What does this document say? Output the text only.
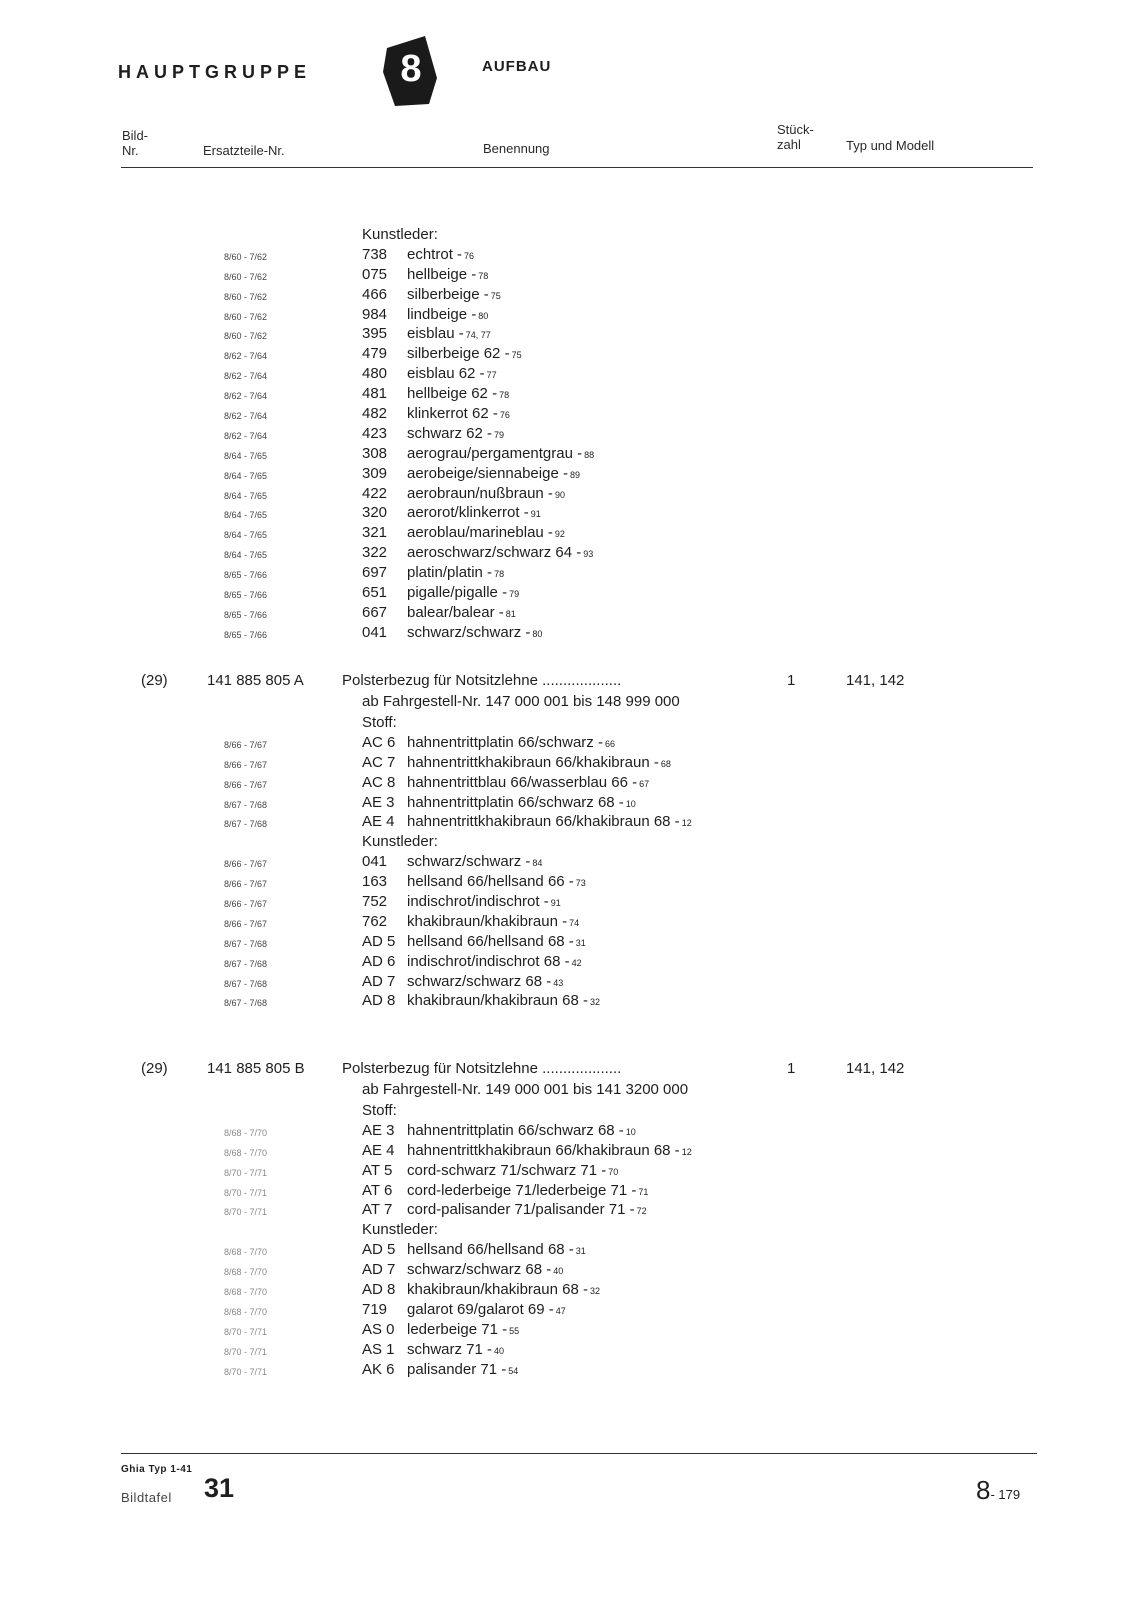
HAUPTGRUPPE 8	AUFBAU
Bild-
Nr.	Ersatzteile-Nr.	Benennung
Stück-
zahl	Typ und Modell
Kunstleder:
8/60 - 7/62	738 echtrot - 76
8/60 - 7/62	075 hellbeige - 78
8/60 - 7/62	466 silberbeige - 75
8/60 - 7/62	984 lindbeige - 80
8/60 - 7/62	395 eisblau - 74, 77
8/62 - 7/64	479 silberbeige 62 - 75
8/62 - 7/64	480 eisblau 62 - 77
8/62 - 7/64	481 hellbeige 62 - 78
8/62 - 7/64	482 klinkerrot 62 - 76
8/62 - 7/64	423 schwarz 62 - 79
8/64 - 7/65	308 aerograu/pergamentgrau - 88
8/64 - 7/65	309 aerobeige/siennabeige - 89
8/64 - 7/65	422 aerobraun/nußbraun - 90
8/64 - 7/65	320 aerorot/klinkerrot - 91
8/64 - 7/65	321 aeroblau/marineblau - 92
8/64 - 7/65	322 aeroschwarz/schwarz 64 - 93
8/65 - 7/66	697 platin/platin - 78
8/65 - 7/66	651 pigalle/pigalle - 79
8/65 - 7/66	667 balear/balear - 81
8/65 - 7/66	041 schwarz/schwarz - 80
(29)	141 885 805 A	Polsterbezug für Notsitzlehne ...................	1	141, 142
ab Fahrgestell-Nr. 147 000 001 bis 148 999 000
Stoff:
8/66 - 7/67	AC 6 hahnentrittplatin 66/schwarz - 66
8/66 - 7/67	AC 7 hahnentrittkhakibraun 66/khakibraun - 68
8/66 - 7/67	AC 8 hahnentrittblau 66/wasserblau 66 - 67
8/67 - 7/68	AE 3 hahnentrittplatin 66/schwarz 68 - 10
8/67 - 7/68	AE 4 hahnentrittkhakibraun 66/khakibraun 68 - 12
Kunstleder:
8/66 - 7/67	041 schwarz/schwarz - 84
8/66 - 7/67	163 hellsand 66/hellsand 66 - 73
8/66 - 7/67	752 indischrot/indischrot - 91
8/66 - 7/67	762 khakibraun/khakibraun - 74
8/67 - 7/68	AD 5 hellsand 66/hellsand 68 - 31
8/67 - 7/68	AD 6 indischrot/indischrot 68 - 42
8/67 - 7/68	AD 7 schwarz/schwarz 68 - 43
8/67 - 7/68	AD 8 khakibraun/khakibraun 68 - 32
(29)	141 885 805 B Polsterbezug für Notsitzlehne ...................	1	141, 142
ab Fahrgestell-Nr. 149 000 001 bis 141 3200 000
Stoff:
8/68 - 7/70	AE 3 hahnentrittplatin 66/schwarz 68 - 10
8/68 - 7/70	AE 4 hahnentrittkhakibraun 66/khakibraun 68 - 12
8/70 - 7/71	AT 5 cord-schwarz 71/schwarz 71 - 70
8/70 - 7/71	AT 6 cord-lederbeige 71/lederbeige 71 - 71
8/70 - 7/71	AT 7 cord-palisander 71/palisander 71 - 72
Kunstleder:
8/68 - 7/70	AD 5 hellsand 66/hellsand 68 - 31
8/68 - 7/70	AD 7 schwarz/schwarz 68 - 40
8/68 - 7/70	AD 8 khakibraun/khakibraun 68 - 32
8/68 - 7/70	719 galarot 69/galarot 69 - 47
8/70 - 7/71	AS 0 lederbeige 71 - 55
8/70 - 7/71	AS 1 schwarz 71 - 40
8/70 - 7/71	AK 6 palisander 71 - 54
Ghia Typ 1-41
Bildtafel 31	8- 179
